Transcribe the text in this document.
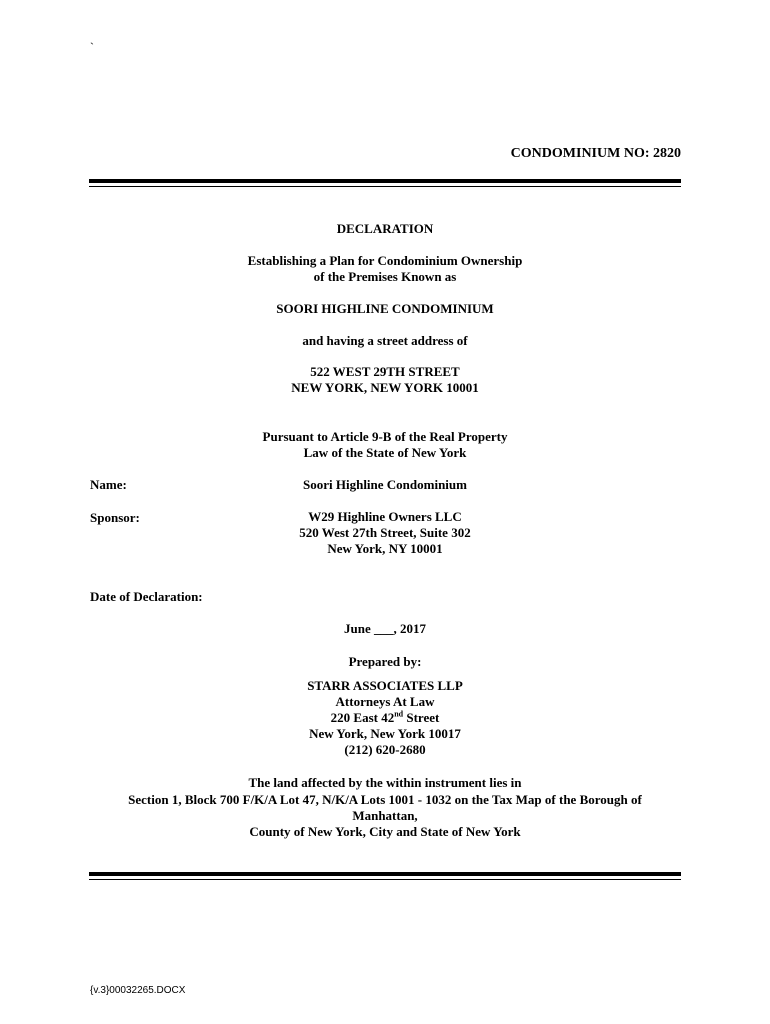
`
CONDOMINIUM NO: 2820
DECLARATION
Establishing a Plan for Condominium Ownership
of the Premises Known as
SOORI HIGHLINE CONDOMINIUM
and having a street address of
522 WEST 29TH STREET
NEW YORK, NEW YORK 10001
Pursuant to Article 9-B of the Real Property
Law of the State of New York
Name:	Soori Highline Condominium
Sponsor:	W29 Highline Owners LLC
520 West 27th Street, Suite 302
New York, NY 10001
Date of Declaration:
June ___, 2017
Prepared by:
STARR ASSOCIATES LLP
Attorneys At Law
220 East 42nd Street
New York, New York 10017
(212) 620-2680
The land affected by the within instrument lies in
Section 1, Block 700 F/K/A Lot 47, N/K/A Lots 1001 - 1032 on the Tax Map of the Borough of
Manhattan,
County of New York, City and State of New York
{v.3}00032265.DOCX
